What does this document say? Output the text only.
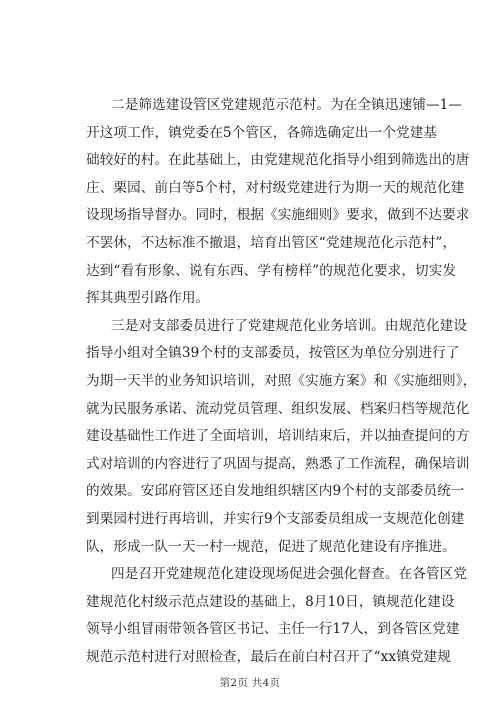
二是筛选建设管区党建规范示范村。为在全镇迅速铺—1—
开这项工作，镇党委在5个管区，各筛选确定出一个党建基
础较好的村。在此基础上，由党建规范化指导小组到筛选出的唐
庄、栗园、前白等5个村，对村级党建进行为期一天的规范化建
设现场指导督办。同时，根据《实施细则》要求，做到不达要求
不罢休，不达标准不撤退，培育出管区“党建规范化示范村”，
达到“看有形象、说有东西、学有榜样”的规范化要求，切实发
挥其典型引路作用。
三是对支部委员进行了党建规范化业务培训。由规范化建设
指导小组对全镇39个村的支部委员，按管区为单位分别进行了
为期一天半的业务知识培训，对照《实施方案》和《实施细则》，
就为民服务承诺、流动党员管理、组织发展、档案归档等规范化
建设基础性工作进了全面培训，培训结束后，并以抽查提问的方
式对培训的内容进行了巩固与提高，熟悉了工作流程，确保培训
的效果。安邱府管区还自发地组织辖区内9个村的支部委员统一
到栗园村进行再培训，并实行9个支部委员组成一支规范化创建
队，形成一队一天一村一规范，促进了规范化建设有序推进。
四是召开党建规范化建设现场促进会强化督查。在各管区党
建规范化村级示范点建设的基础上，8月10日，镇规范化建设
领导小组冒雨带领各管区书记、主任一行17人，到各管区党建
规范示范村进行对照检查，最后在前白村召开了“xx镇党建规
第2页 共4页
